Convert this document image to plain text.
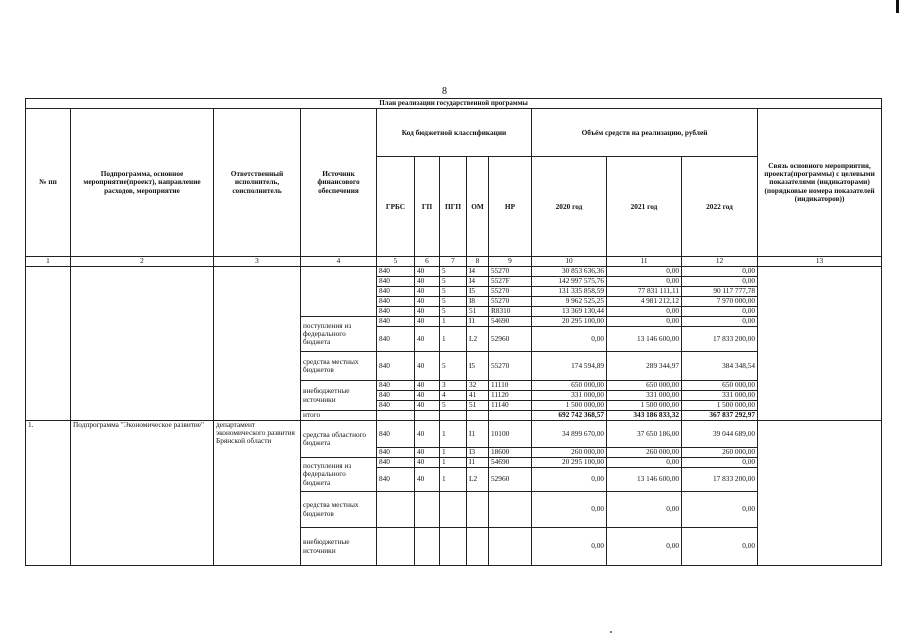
8
План реализации государственной программы												
№ пп	Подпрограмма, основное мероприятие(проект), направление расходов, мероприятие	Ответственный исполнитель, соисполнитель	Источник финансового обеспечения	Код бюджетной классификации					Объём средств на реализацию, рублей			Связь основного мероприятия, проекта(программы) с целевыми показателями (индикаторами) (порядковые номера показателей (индикаторов))
				ГРБС	ГП	ПГП	ОМ	НР	2020 год	2021 год	2022 год	
1	2	3	4	5	6	7	8	9	10	11	12	13
				840	40	5	I4	55270	30 853 636,36	0,00	0,00	
				840	40	5	I4	5527F	142 997 575,76	0,00	0,00	
				840	40	5	I5	55270	131 335 858,59	77 831 111,11	90 117 777,78	
				840	40	5	I8	55270	9 962 525,25	4 981 212,12	7 970 000,00	
				840	40	5	51	R8310	13 369 130,44	0,00	0,00	
			поступления из федерального бюджета	840	40	1	I1	54690	20 295 100,00	0,00	0,00	
				840	40	1	L2	52960	0,00	13 146 600,00	17 833 200,00	
			средства местных бюджетов	840	40	5	I5	55270	174 594,89	289 344,97	384 348,54	
			внебюджетные источники	840	40	3	32	11110	650 000,00	650 000,00	650 000,00	
				840	40	4	41	11120	331 000,00	331 000,00	331 000,00	
				840	40	5	51	11140	1 500 000,00	1 500 000,00	1 500 000,00	
			итого						692 742 368,57	343 186 833,32	367 837 292,97	
1.	Подпрограмма "Экономическое развитие"	департамент экономического развития Брянской области	средства областного бюджета	840	40	1	I1	10100	34 899 670,00	37 650 186,00	39 044 689,00	
				840	40	1	I3	18600	260 000,00	260 000,00	260 000,00	
			поступления из федерального бюджета	840	40	1	I1	54690	20 295 100,00	0,00	0,00	
				840	40	1	L2	52960	0,00	13 146 600,00	17 833 200,00	
			средства местных бюджетов						0,00	0,00	0,00	
			внебюджетные источники						0,00	0,00	0,00	
